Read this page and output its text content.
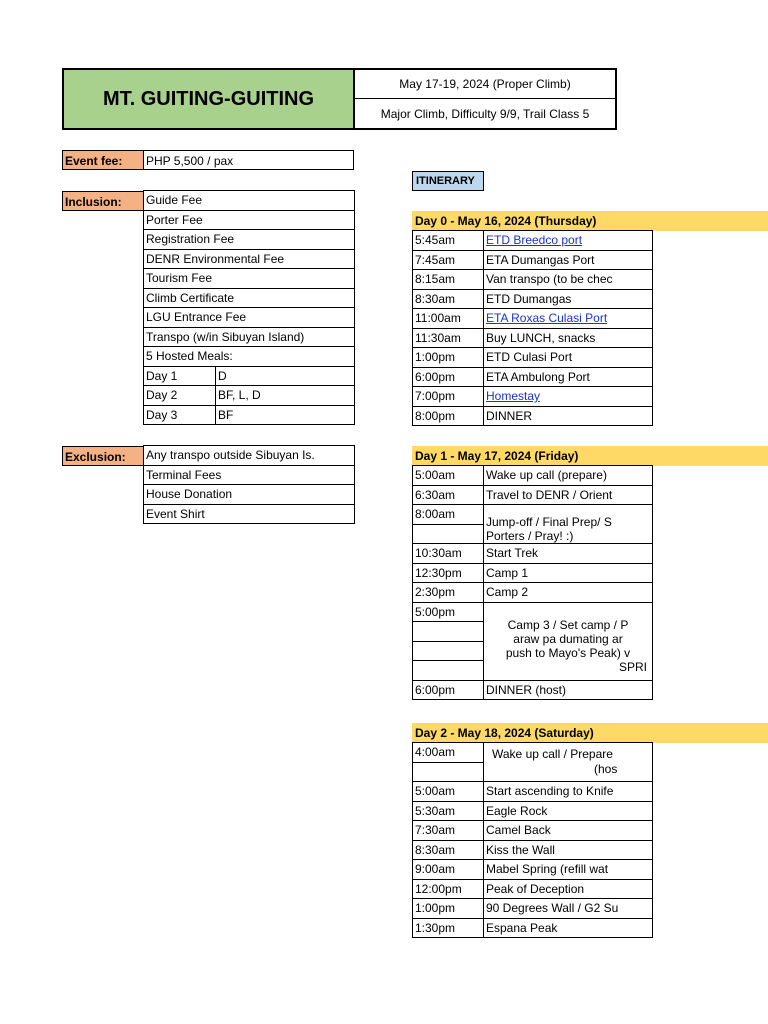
MT. GUITING-GUITING
May 17-19, 2024 (Proper Climb)
Major Climb, Difficulty 9/9, Trail Class 5
Event fee:	PHP 5,500 / pax
Inclusion:	Guide Fee	
Porter Fee	
Registration Fee	
DENR Environmental Fee	
Tourism Fee	
Climb Certificate	
LGU Entrance Fee	
Transpo (w/in Sibuyan Island)	
5 Hosted Meals:	
Day 1	D
Day 2	BF, L, D
Day 3	BF
Exclusion:	Any transpo outside Sibuyan Is.
Terminal Fees
House Donation
Event Shirt
ITINERARY
Day 0 - May 16, 2024 (Thursday)
5:45am	ETD Breedco port
7:45am	ETA Dumangas Port
8:15am	Van transpo (to be chec
8:30am	ETD Dumangas
11:00am	ETA Roxas Culasi Port
11:30am	Buy LUNCH, snacks
1:00pm	ETD Culasi Port
6:00pm	ETA Ambulong Port
7:00pm	Homestay
8:00pm	DINNER
Day 1 - May 17, 2024 (Friday)
5:00am	Wake up call (prepare)
6:30am	Travel to DENR / Orient
8:00am	Jump-off / Final Prep/ S
Porters / Pray! :)

10:30am	Start Trek
12:30pm	Camp 1
2:30pm	Camp 2
5:00pm	Camp 3 / Set camp / P
araw pa dumating ar
push to Mayo's Peak) v
SPRI

6:00pm	DINNER (host)
Day 2 - May 18, 2024 (Saturday)
4:00am	Wake up call / Prepare
(hos

5:00am	Start ascending to Knife
5:30am	Eagle Rock
7:30am	Camel Back
8:30am	Kiss the Wall
9:00am	Mabel Spring (refill wat
12:00pm	Peak of Deception
1:00pm	90 Degrees Wall / G2 Su
1:30pm	Espana Peak
